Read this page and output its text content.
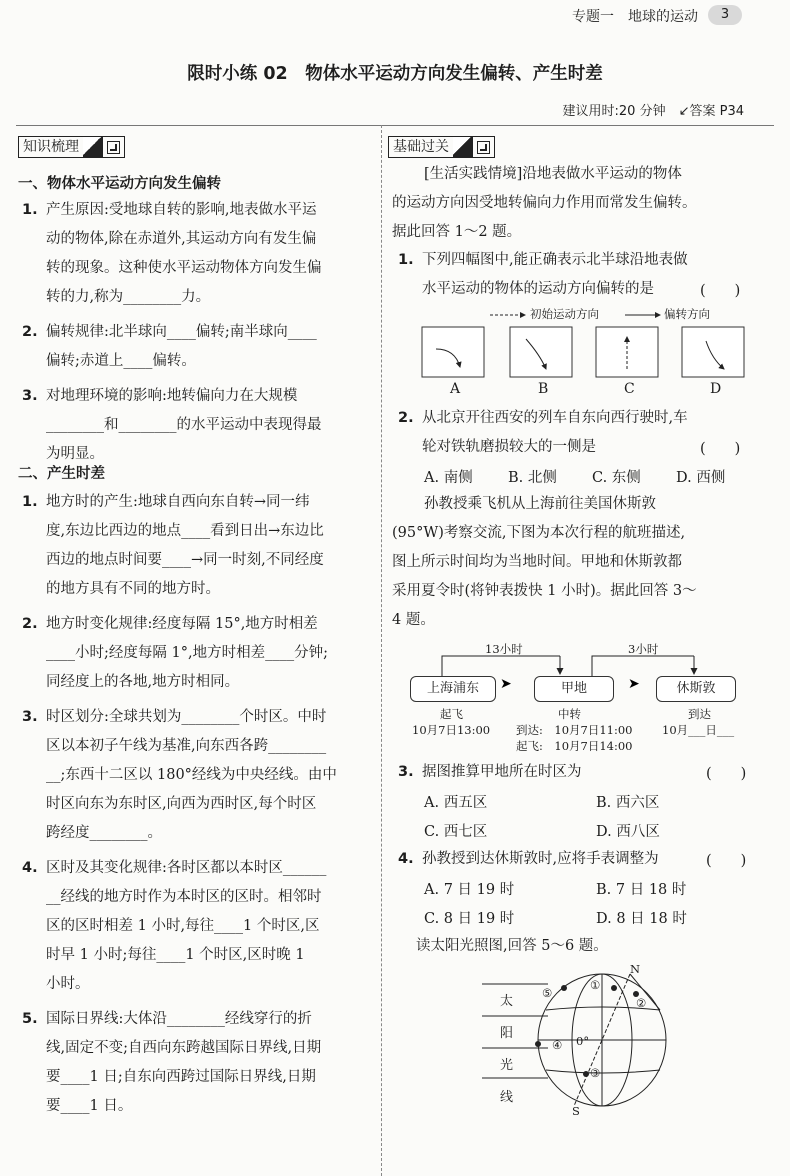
专题一　地球的运动	3
限时小练 02　物体水平运动方向发生偏转、产生时差
建议用时:20 分钟　↙答案 P34
知识梳理
一、物体水平运动方向发生偏转
1. 产生原因:受地球自转的影响,地表做水平运
动的物体,除在赤道外,其运动方向有发生偏
转的现象。这种使水平运动物体方向发生偏
转的力,称为________力。
2. 偏转规律:北半球向____偏转;南半球向____
偏转;赤道上____偏转。
3. 对地理环境的影响:地转偏向力在大规模
________和________的水平运动中表现得最
为明显。
二、产生时差
1. 地方时的产生:地球自西向东自转→同一纬
度,东边比西边的地点____看到日出→东边比
西边的地点时间要____→同一时刻,不同经度
的地方具有不同的地方时。
2. 地方时变化规律:经度每隔 15°,地方时相差
____小时;经度每隔 1°,地方时相差____分钟;
同经度上的各地,地方时相同。
3. 时区划分:全球共划为________个时区。中时
区以本初子午线为基准,向东西各跨________
__;东西十二区以 180°经线为中央经线。由中
时区向东为东时区,向西为西时区,每个时区
跨经度________。
4. 区时及其变化规律:各时区都以本时区______
__经线的地方时作为本时区的区时。相邻时
区的区时相差 1 小时,每往____1 个时区,区
时早 1 小时;每往____1 个时区,区时晚 1
小时。
5. 国际日界线:大体沿________经线穿行的折
线,固定不变;自西向东跨越国际日界线,日期
要____1 日;自东向西跨过国际日界线,日期
要____1 日。
基础过关
[生活实践情境]沿地表做水平运动的物体
的运动方向因受地转偏向力作用而常发生偏转。
据此回答 1～2 题。
1. 下列四幅图中,能正确表示北半球沿地表做
水平运动的物体的运动方向偏转的是	(　　)
初始运动方向	偏转方向
A	B	C	D
2. 从北京开往西安的列车自东向西行驶时,车
轮对铁轨磨损较大的一侧是	(　　)
A. 南侧 B. 北侧 C. 东侧 D. 西侧
孙教授乘飞机从上海前往美国休斯敦
(95°W)考察交流,下图为本次行程的航班描述,
图上所示时间均为当地时间。甲地和休斯敦都
采用夏令时(将钟表拨快 1 小时)。据此回答 3～
4 题。
➤	➤
13小时	3小时
上海浦东	甲地	休斯敦
起飞
10月7日13:00
中转
到达:　10月7日11:00
起飞:　10月7日14:00
到达
10月___日___
3. 据图推算甲地所在时区为	(　　)
A. 西五区	B. 西六区
C. 西七区	D. 西八区
4. 孙教授到达休斯敦时,应将手表调整为	(　　)
A. 7 日 19 时	B. 7 日 18 时
C. 8 日 19 时	D. 8 日 18 时
读太阳光照图,回答 5～6 题。
太
阳
光
线
N
S
0°
①
②
③
④
⑤
